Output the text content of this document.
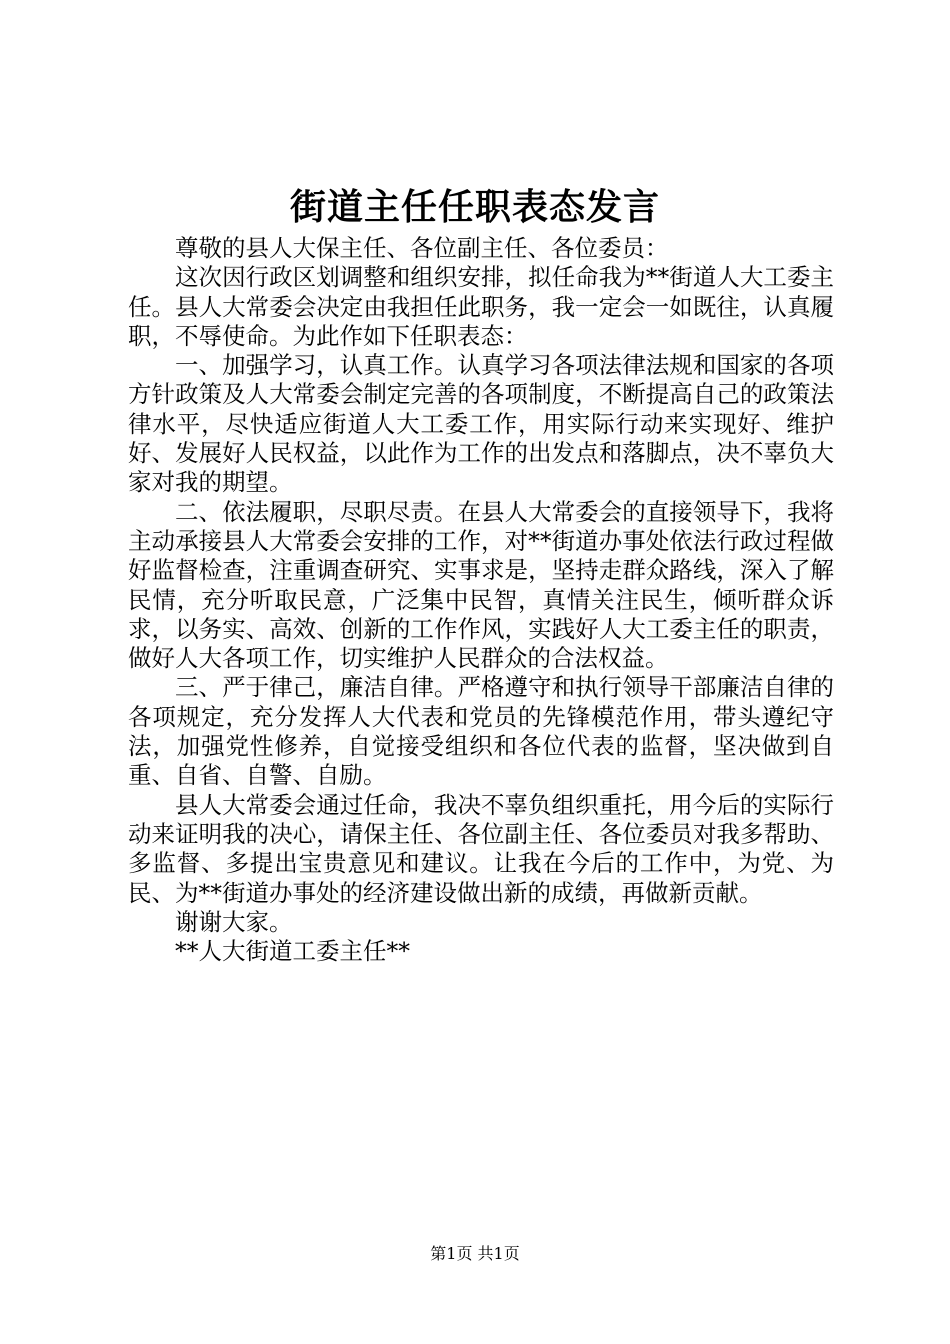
街道主任任职表态发言

尊敬的县人大保主任、各位副主任、各位委员：

这次因行政区划调整和组织安排，拟任命我为**街道人大工委主任。县人大常委会决定由我担任此职务，我一定会一如既往，认真履职，不辱使命。为此作如下任职表态：

一、加强学习，认真工作。认真学习各项法律法规和国家的各项方针政策及人大常委会制定完善的各项制度，不断提高自己的政策法律水平，尽快适应街道人大工委工作，用实际行动来实现好、维护好、发展好人民权益，以此作为工作的出发点和落脚点，决不辜负大家对我的期望。

二、依法履职，尽职尽责。在县人大常委会的直接领导下，我将主动承接县人大常委会安排的工作，对**街道办事处依法行政过程做好监督检查，注重调查研究、实事求是，坚持走群众路线，深入了解民情，充分听取民意，广泛集中民智，真情关注民生，倾听群众诉求，以务实、高效、创新的工作作风，实践好人大工委主任的职责，做好人大各项工作，切实维护人民群众的合法权益。

三、严于律己，廉洁自律。严格遵守和执行领导干部廉洁自律的各项规定，充分发挥人大代表和党员的先锋模范作用，带头遵纪守法，加强党性修养，自觉接受组织和各位代表的监督，坚决做到自重、自省、自警、自励。

县人大常委会通过任命，我决不辜负组织重托，用今后的实际行动来证明我的决心，请保主任、各位副主任、各位委员对我多帮助、多监督、多提出宝贵意见和建议。让我在今后的工作中，为党、为民、为**街道办事处的经济建设做出新的成绩，再做新贡献。

谢谢大家。

**人大街道工委主任**

第1页 共1页
